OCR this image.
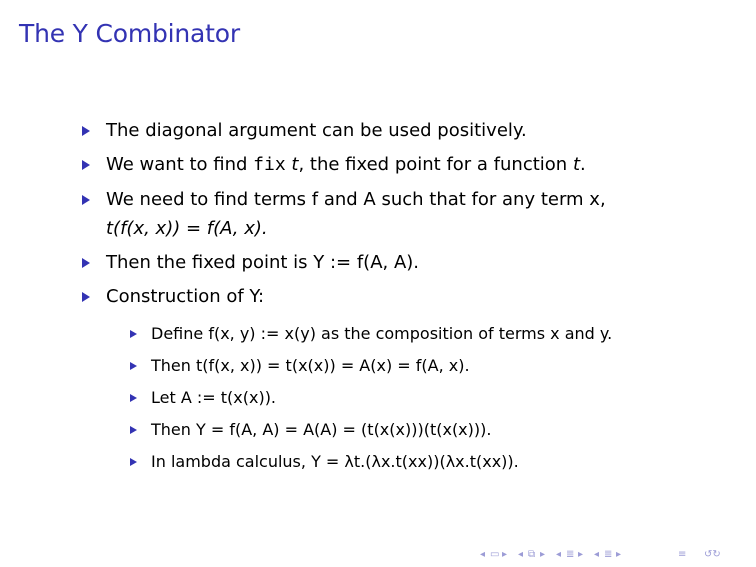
The Y Combinator
The diagonal argument can be used positively.
We want to find fix t, the fixed point for a function t.
We need to find terms f and A such that for any term x,
t(f(x, x)) = f(A, x).
Then the fixed point is Y := f(A, A).
Construction of Y:
Define f(x, y) := x(y) as the composition of terms x and y.
Then t(f(x, x)) = t(x(x)) = A(x) = f(A, x).
Let A := t(x(x)).
Then Y = f(A, A) = A(A) = (t(x(x)))(t(x(x))).
In lambda calculus, Y = λt.(λx.t(xx))(λx.t(xx)).
◂ ▭ ▸ ◂ ⧉ ▸ ◂ ≣ ▸ ◂ ≣ ▸	≡ ↺↻
